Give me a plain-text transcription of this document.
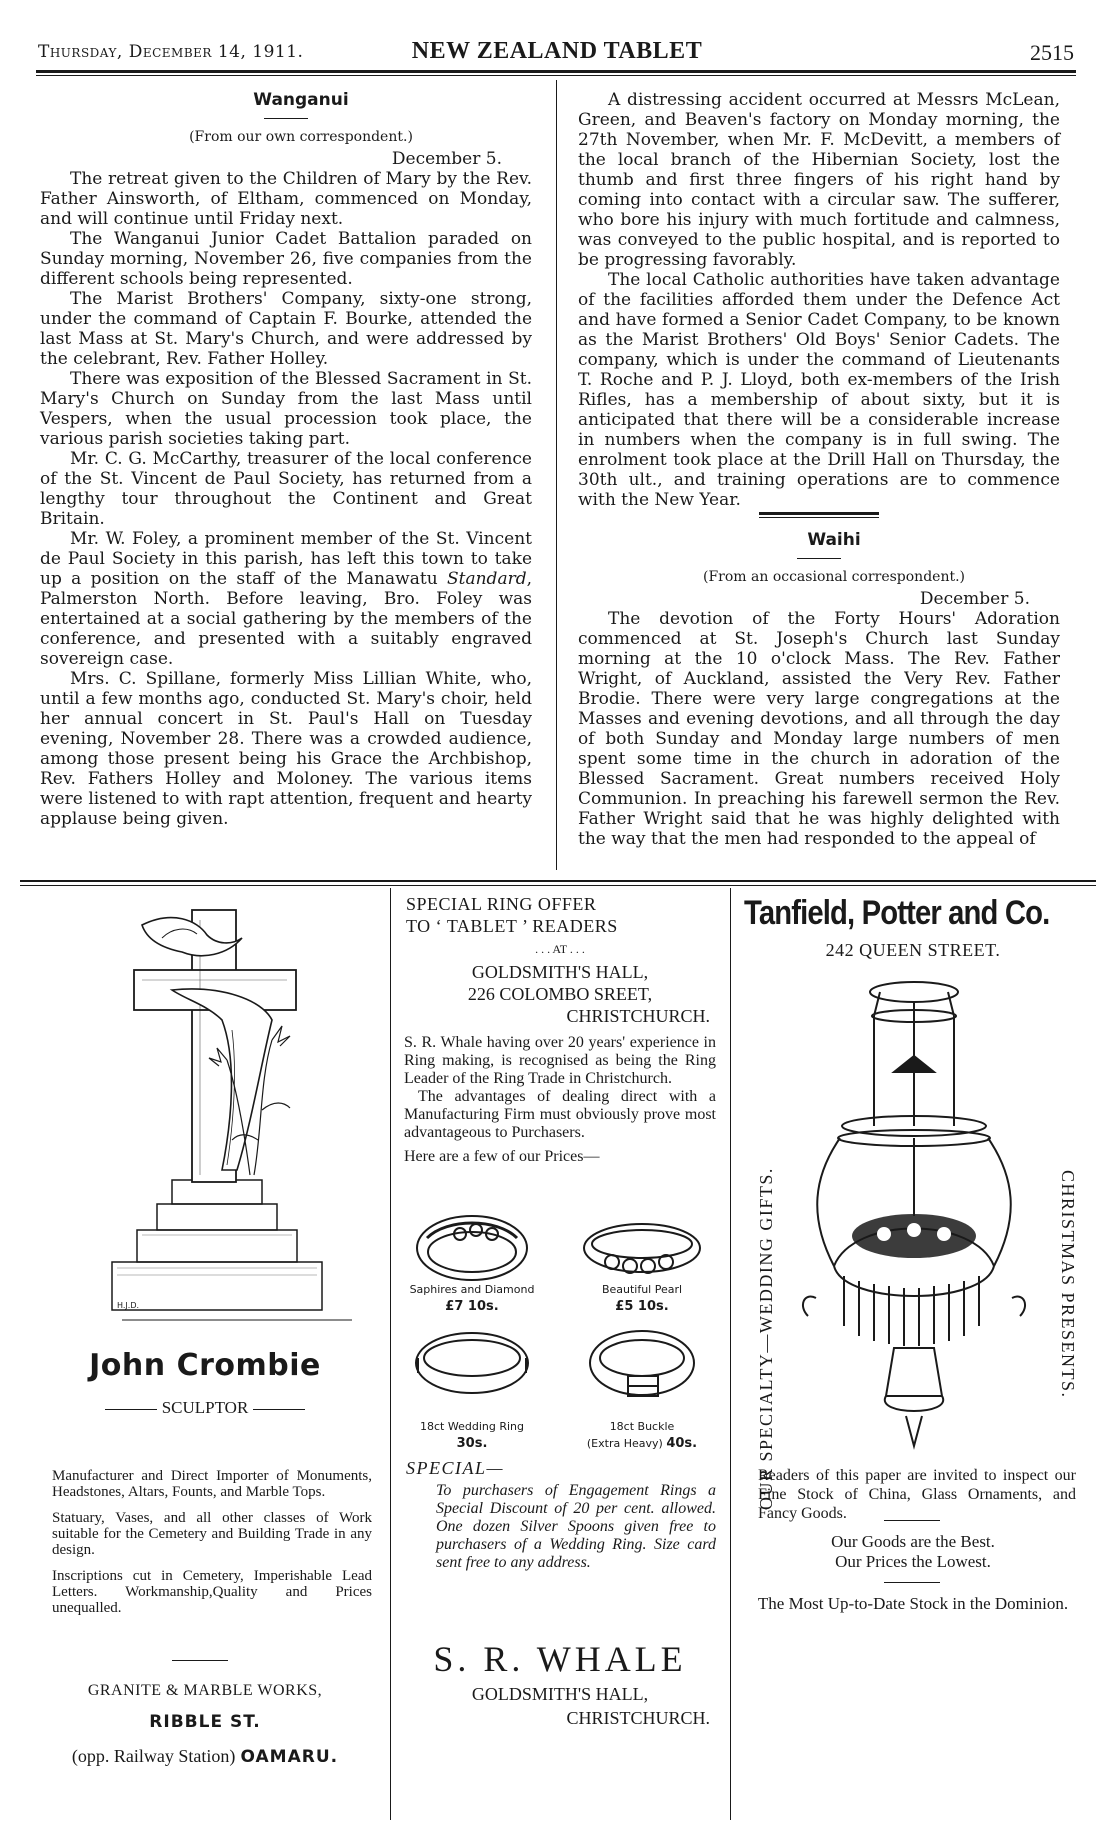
Thursday, December 14, 1911.	NEW ZEALAND TABLET	2515

Wanganui

(From our own correspondent.)

December 5.

The retreat given to the Children of Mary by the Rev. Father Ainsworth, of Eltham, commenced on Monday, and will continue until Friday next.

The Wanganui Junior Cadet Battalion paraded on Sunday morning, November 26, five companies from the different schools being represented.

The Marist Brothers' Company, sixty-one strong, under the command of Captain F. Bourke, attended the last Mass at St. Mary's Church, and were addressed by the celebrant, Rev. Father Holley.

There was exposition of the Blessed Sacrament in St. Mary's Church on Sunday from the last Mass until Vespers, when the usual procession took place, the various parish societies taking part.

Mr. C. G. McCarthy, treasurer of the local conference of the St. Vincent de Paul Society, has returned from a lengthy tour throughout the Continent and Great Britain.

Mr. W. Foley, a prominent member of the St. Vincent de Paul Society in this parish, has left this town to take up a position on the staff of the Manawatu Standard, Palmerston North. Before leaving, Bro. Foley was entertained at a social gathering by the members of the conference, and presented with a suitably engraved sovereign case.

Mrs. C. Spillane, formerly Miss Lillian White, who, until a few months ago, conducted St. Mary's choir, held her annual concert in St. Paul's Hall on Tuesday evening, November 28. There was a crowded audience, among those present being his Grace the Archbishop, Rev. Fathers Holley and Moloney. The various items were listened to with rapt attention, frequent and hearty applause being given.

A distressing accident occurred at Messrs McLean, Green, and Beaven's factory on Monday morning, the 27th November, when Mr. F. McDevitt, a members of the local branch of the Hibernian Society, lost the thumb and first three fingers of his right hand by coming into contact with a circular saw. The sufferer, who bore his injury with much fortitude and calmness, was conveyed to the public hospital, and is reported to be progressing favorably.

The local Catholic authorities have taken advantage of the facilities afforded them under the Defence Act and have formed a Senior Cadet Company, to be known as the Marist Brothers' Old Boys' Senior Cadets. The company, which is under the command of Lieutenants T. Roche and P. J. Lloyd, both ex-members of the Irish Rifles, has a membership of about sixty, but it is anticipated that there will be a considerable increase in numbers when the company is in full swing. The enrolment took place at the Drill Hall on Thursday, the 30th ult., and training operations are to commence with the New Year.

Waihi

(From an occasional correspondent.)

December 5.

The devotion of the Forty Hours' Adoration commenced at St. Joseph's Church last Sunday morning at the 10 o'clock Mass. The Rev. Father Wright, of Auckland, assisted the Very Rev. Father Brodie. There were very large congregations at the Masses and evening devotions, and all through the day of both Sunday and Monday large numbers of men spent some time in the church in adoration of the Blessed Sacrament. Great numbers received Holy Communion. In preaching his farewell sermon the Rev. Father Wright said that he was highly delighted with the way that the men had responded to the appeal of

H.J.D.
John Crombie
SCULPTOR

Manufacturer and Direct Importer of Monuments, Headstones, Altars, Founts, and Marble Tops.

Statuary, Vases, and all other classes of Work suitable for the Cemetery and Building Trade in any design.

Inscriptions cut in Cemetery, Imperishable Lead Letters. Workmanship,Quality and Prices unequalled.

GRANITE & MARBLE WORKS,
RIBBLE ST.
(opp. Railway Station) OAMARU.
SPECIAL RING OFFER
TO ‘ TABLET ’ READERS
. . . AT . . .
GOLDSMITH'S HALL,
226 COLOMBO SREET,
CHRISTCHURCH.

S. R. Whale having over 20 years' experience in Ring making, is recognised as being the Ring Leader of the Ring Trade in Christchurch.

The advantages of dealing direct with a Manufacturing Firm must obviously prove most advantageous to Purchasers.

Here are a few of our Prices—

Saphires and Diamond
£7 10s.
Beautiful Pearl
£5 10s.
18ct Wedding Ring
30s.
18ct Buckle
(Extra Heavy) 40s.
SPECIAL—
To purchasers of Engagement Rings a Special Discount of 20 per cent. allowed. One dozen Silver Spoons given free to purchasers of a Wedding Ring. Size card sent free to any address.
S. R. WHALE
GOLDSMITH'S HALL,
CHRISTCHURCH.
Tanfield, Potter and Co.
242 QUEEN STREET.
OUR SPECIALTY—WEDDING GIFTS.	CHRISTMAS PRESENTS.
Readers of this paper are invited to inspect our Fine Stock of China, Glass Ornaments, and Fancy Goods.
Our Goods are the Best.
Our Prices the Lowest.
The Most Up-to-Date Stock in the Dominion.
